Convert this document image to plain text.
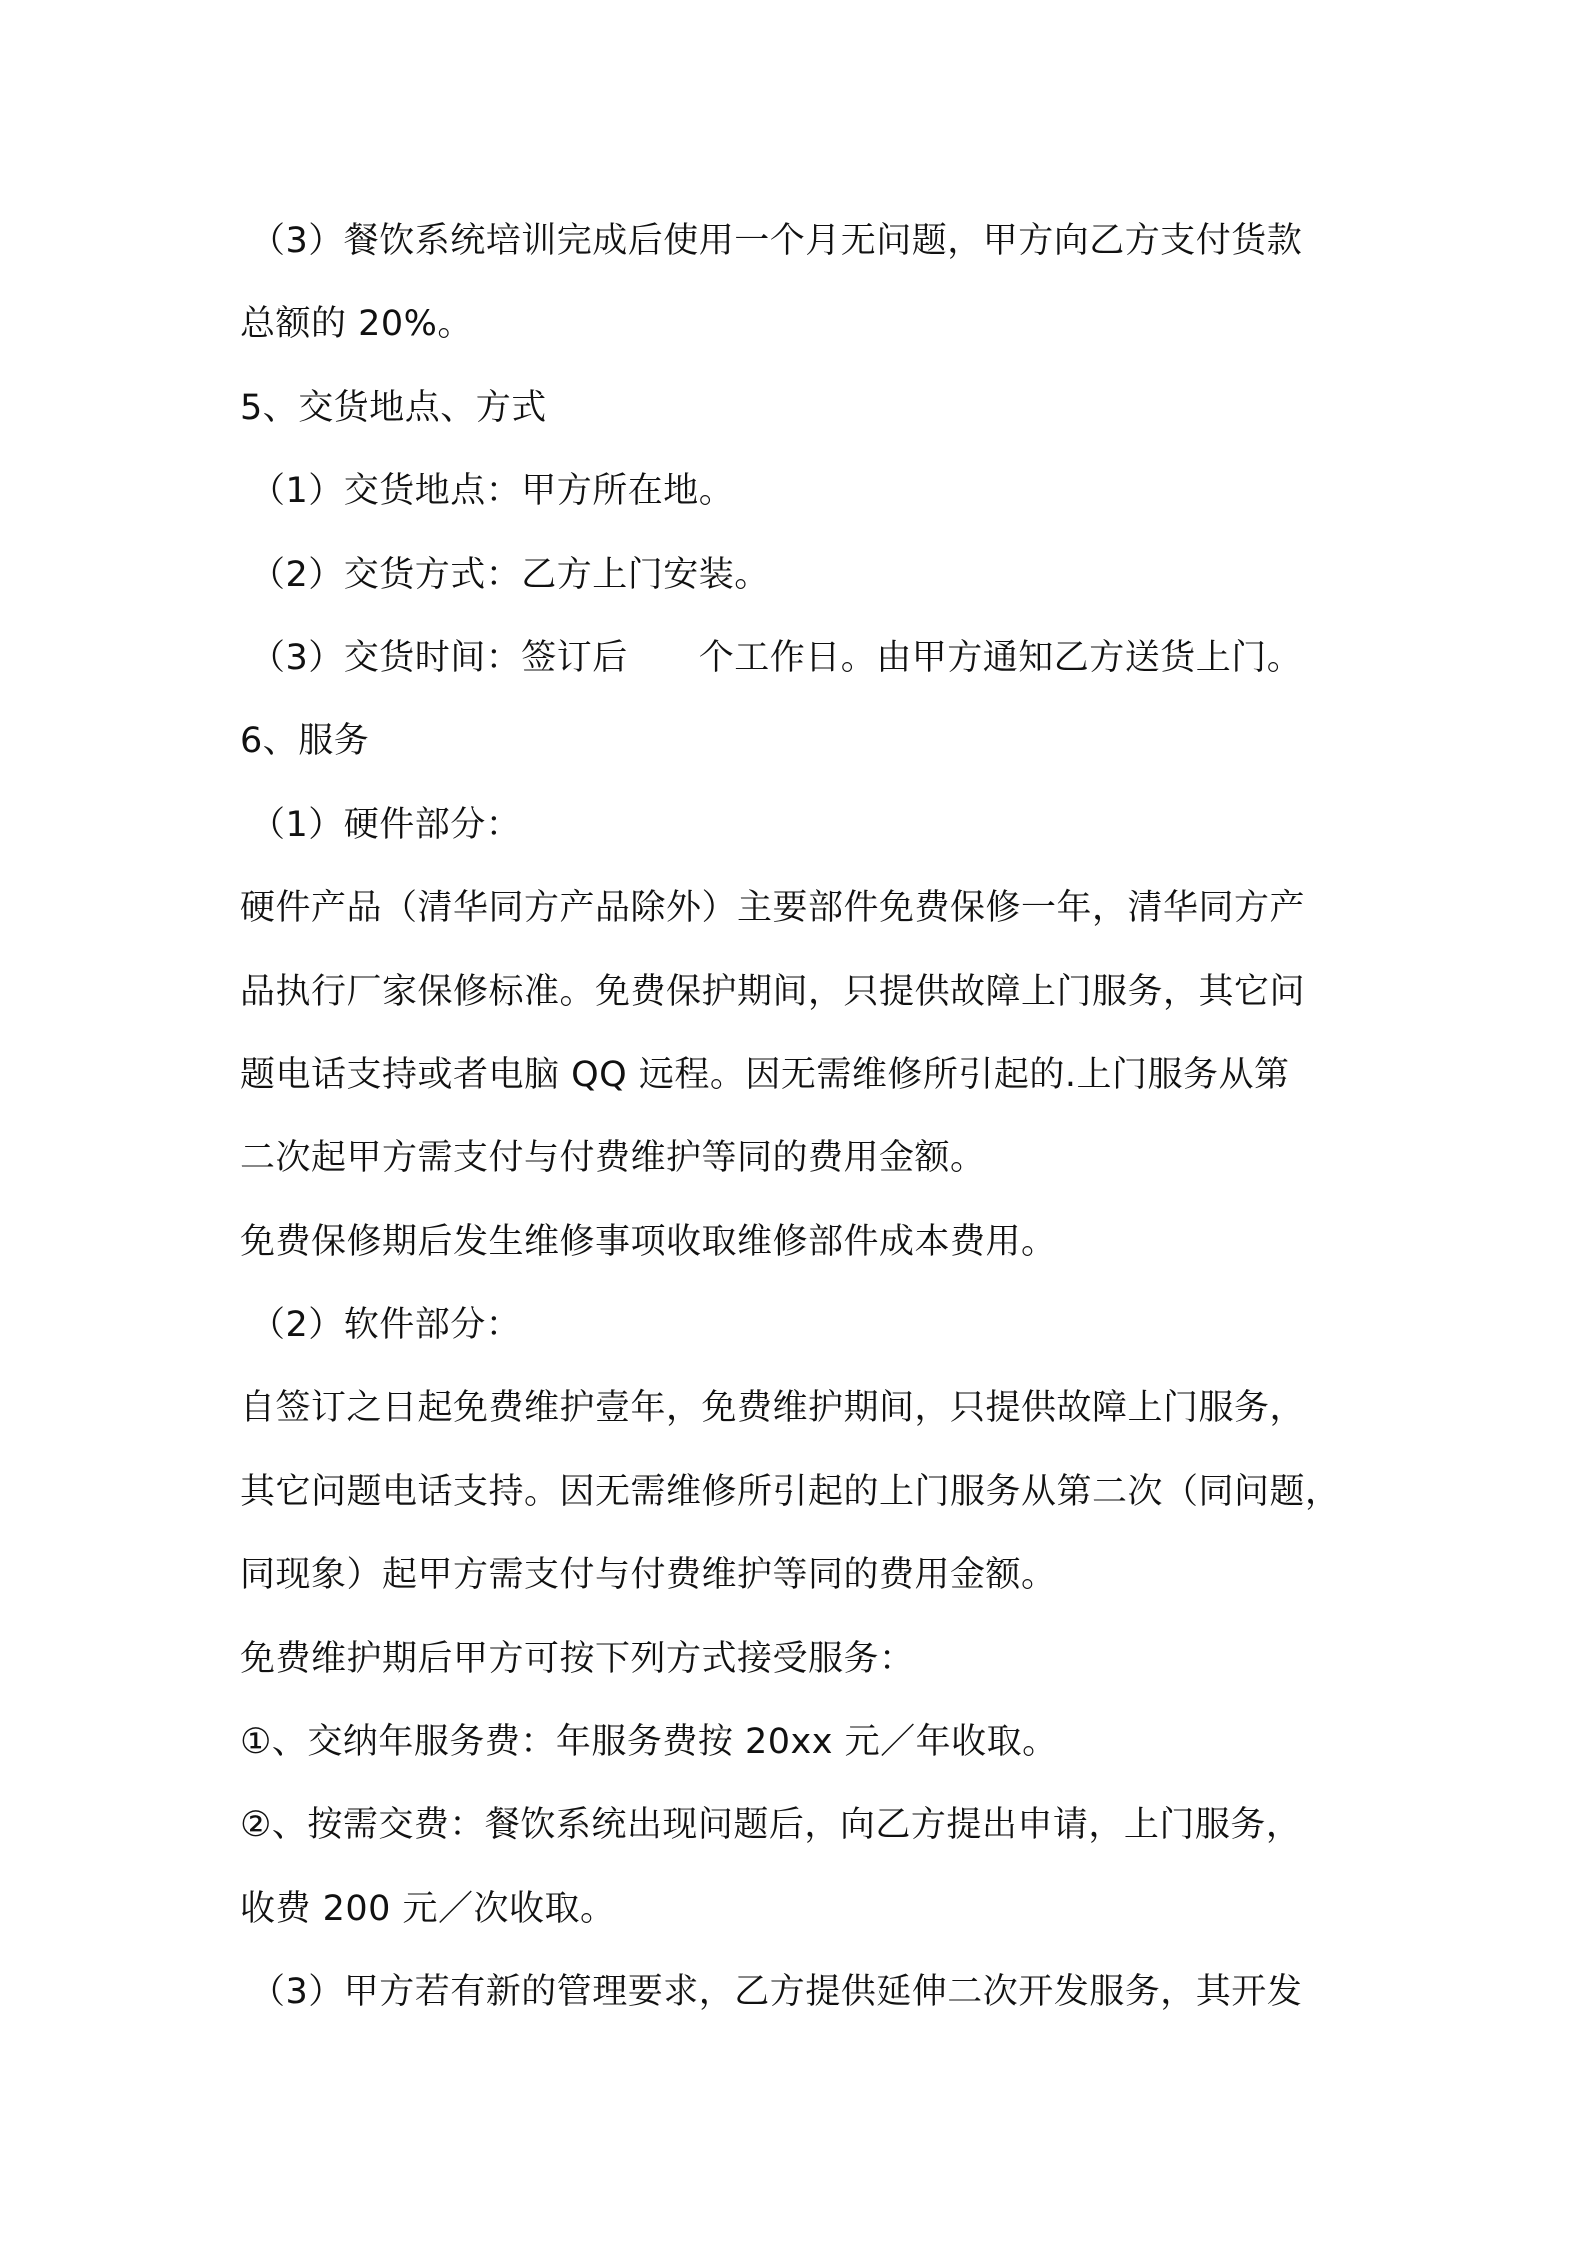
（3）餐饮系统培训完成后使用一个月无问题，甲方向乙方支付货款
总额的 20%。
5、交货地点、方式
（1）交货地点：甲方所在地。
（2）交货方式：乙方上门安装。
（3）交货时间：签订后　　个工作日。由甲方通知乙方送货上门。
6、服务
（1）硬件部分：
硬件产品（清华同方产品除外）主要部件免费保修一年，清华同方产
品执行厂家保修标准。免费保护期间，只提供故障上门服务，其它问
题电话支持或者电脑 QQ 远程。因无需维修所引起的.上门服务从第
二次起甲方需支付与付费维护等同的费用金额。
免费保修期后发生维修事项收取维修部件成本费用。
（2）软件部分：
自签订之日起免费维护壹年，免费维护期间，只提供故障上门服务，
其它问题电话支持。因无需维修所引起的上门服务从第二次（同问题，
同现象）起甲方需支付与付费维护等同的费用金额。
免费维护期后甲方可按下列方式接受服务：
①、交纳年服务费：年服务费按 20xx 元／年收取。
②、按需交费：餐饮系统出现问题后，向乙方提出申请，上门服务，
收费 200 元／次收取。
（3）甲方若有新的管理要求，乙方提供延伸二次开发服务，其开发
